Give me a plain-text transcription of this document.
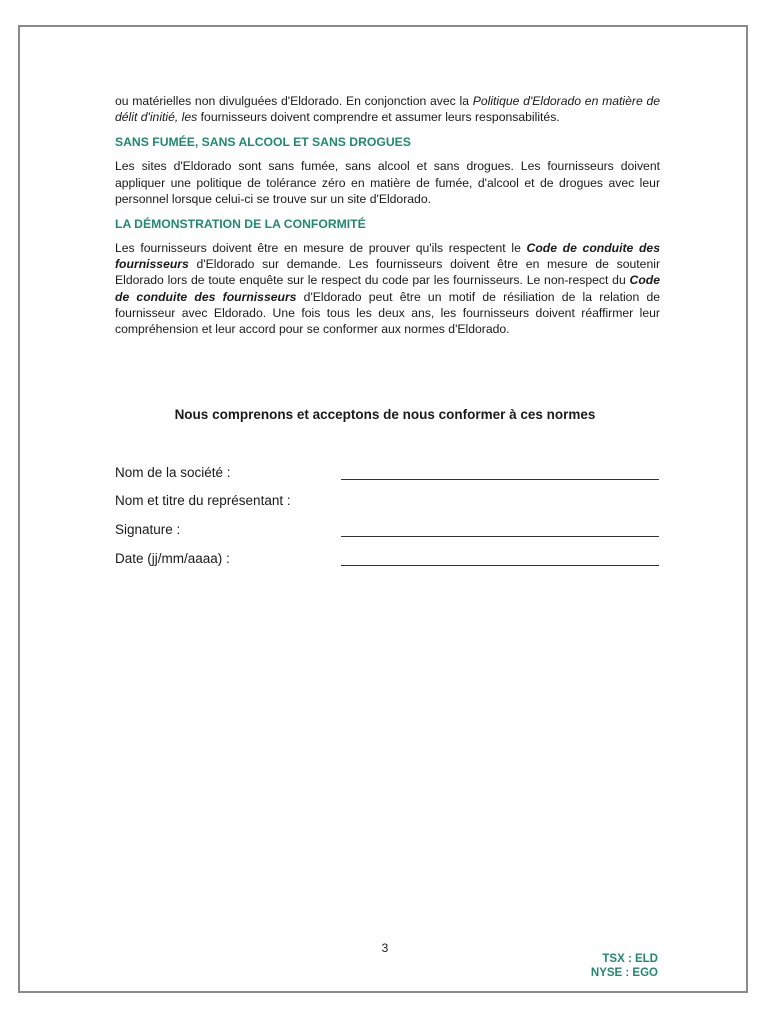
ou matérielles non divulguées d'Eldorado. En conjonction avec la Politique d'Eldorado en matière de délit d'initié, les fournisseurs doivent comprendre et assumer leurs responsabilités.

SANS FUMÉE, SANS ALCOOL ET SANS DROGUES

Les sites d'Eldorado sont sans fumée, sans alcool et sans drogues. Les fournisseurs doivent appliquer une politique de tolérance zéro en matière de fumée, d'alcool et de drogues avec leur personnel lorsque celui-ci se trouve sur un site d'Eldorado.

LA DÉMONSTRATION DE LA CONFORMITÉ

Les fournisseurs doivent être en mesure de prouver qu'ils respectent le Code de conduite des fournisseurs d'Eldorado sur demande. Les fournisseurs doivent être en mesure de soutenir Eldorado lors de toute enquête sur le respect du code par les fournisseurs. Le non-respect du Code de conduite des fournisseurs d'Eldorado peut être un motif de résiliation de la relation de fournisseur avec Eldorado. Une fois tous les deux ans, les fournisseurs doivent réaffirmer leur compréhension et leur accord pour se conformer aux normes d'Eldorado.

Nous comprenons et acceptons de nous conformer à ces normes
Nom de la société :
Nom et titre du représentant :
Signature :
Date (jj/mm/aaaa) :
3
TSX : ELD
NYSE : EGO
